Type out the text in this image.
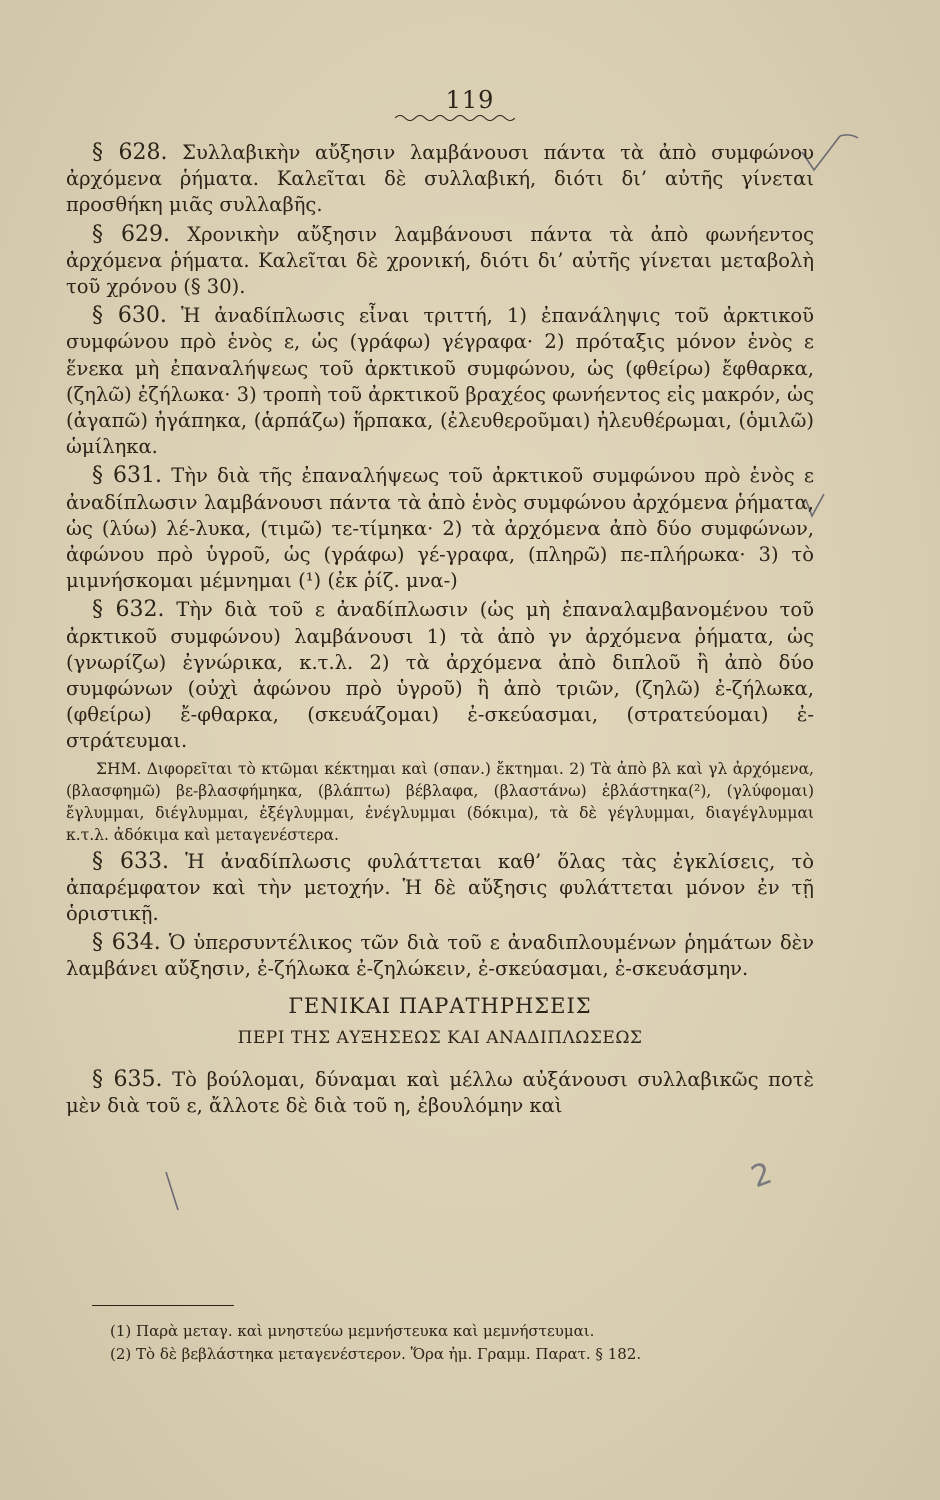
119
2

§ 628. Συλλαβικὴν αὔξησιν λαμβάνουσι πάντα τὰ ἀπὸ συμφώνου ἀρχόμενα ῥήματα. Καλεῖται δὲ συλλαβική, διότι δι’ αὐτῆς γίνεται προσθήκη μιᾶς συλλαβῆς.

§ 629. Χρονικὴν αὔξησιν λαμβάνουσι πάντα τὰ ἀπὸ φωνήεντος ἀρχόμενα ῥήματα. Καλεῖται δὲ χρονική, διότι δι’ αὐτῆς γίνεται μεταβολὴ τοῦ χρόνου (§ 30).

§ 630. Ἡ ἀναδίπλωσις εἶναι τριττή, 1) ἐπανάληψις τοῦ ἀρκτικοῦ συμφώνου πρὸ ἑνὸς ε, ὡς (γράφω) γέγραφα· 2) πρόταξις μόνον ἑνὸς ε ἕνεκα μὴ ἐπαναλήψεως τοῦ ἀρκτικοῦ συμφώνου, ὡς (φθείρω) ἔφθαρκα, (ζηλῶ) ἐζήλωκα· 3) τροπὴ τοῦ ἀρκτικοῦ βραχέος φωνήεντος εἰς μακρόν, ὡς (ἀγαπῶ) ἠγάπηκα, (ἁρπάζω) ἥρπακα, (ἐλευθεροῦμαι) ἠλευθέρωμαι, (ὁμιλῶ) ὡμίληκα.

§ 631. Τὴν διὰ τῆς ἐπαναλήψεως τοῦ ἀρκτικοῦ συμφώνου πρὸ ἑνὸς ε ἀναδίπλωσιν λαμβάνουσι πάντα τὰ ἀπὸ ἑνὸς συμφώνου ἀρχόμενα ῥήματα, ὡς (λύω) λέ-λυκα, (τιμῶ) τε-τίμηκα· 2) τὰ ἀρχόμενα ἀπὸ δύο συμφώνων, ἀφώνου πρὸ ὑγροῦ, ὡς (γράφω) γέ-γραφα, (πληρῶ) πε-πλήρωκα· 3) τὸ μιμνήσκομαι μέμνημαι (¹) (ἐκ ῥίζ. μνα-)

§ 632. Τὴν διὰ τοῦ ε ἀναδίπλωσιν (ὡς μὴ ἐπαναλαμβανομένου τοῦ ἀρκτικοῦ συμφώνου) λαμβάνουσι 1) τὰ ἀπὸ γν ἀρχόμενα ῥήματα, ὡς (γνωρίζω) ἐγνώρικα, κ.τ.λ. 2) τὰ ἀρχόμενα ἀπὸ διπλοῦ ἢ ἀπὸ δύο συμφώνων (οὐχὶ ἀφώνου πρὸ ὑγροῦ) ἢ ἀπὸ τριῶν, (ζηλῶ) ἐ-ζήλωκα, (φθείρω) ἔ-φθαρκα, (σκευάζομαι) ἐ-σκεύασμαι, (στρατεύομαι) ἐ-στράτευμαι.

ΣΗΜ. Διφορεῖται τὸ κτῶμαι κέκτημαι καὶ (σπαν.) ἔκτημαι. 2) Τὰ ἀπὸ βλ καὶ γλ ἀρχόμενα, (βλασφημῶ) βε-βλασφήμηκα, (βλάπτω) βέβλαφα, (βλαστάνω) ἐβλάστηκα(²), (γλύφομαι) ἔγλυμμαι, διέγλυμμαι, ἐξέγλυμμαι, ἐνέγλυμμαι (δόκιμα), τὰ δὲ γέγλυμμαι, διαγέγλυμμαι κ.τ.λ. ἀδόκιμα καὶ μεταγενέστερα.

§ 633. Ἡ ἀναδίπλωσις φυλάττεται καθ’ ὅλας τὰς ἐγκλίσεις, τὸ ἀπαρέμφατον καὶ τὴν μετοχήν. Ἡ δὲ αὔξησις φυλάττεται μόνον ἐν τῇ ὁριστικῇ.

§ 634. Ὁ ὑπερσυντέλικος τῶν διὰ τοῦ ε ἀναδιπλουμένων ῥημάτων δὲν λαμβάνει αὔξησιν, ἐ-ζήλωκα ἐ-ζηλώκειν, ἐ-σκεύασμαι, ἐ-σκευάσμην.

ΓΕΝΙΚΑΙ ΠΑΡΑΤΗΡΗΣΕΙΣ
ΠΕΡΙ ΤΗΣ ΑΥΞΗΣΕΩΣ ΚΑΙ ΑΝΑΔΙΠΛΩΣΕΩΣ

§ 635. Τὸ βούλομαι, δύναμαι καὶ μέλλω αὐξάνουσι συλλαβικῶς ποτὲ μὲν διὰ τοῦ ε, ἄλλοτε δὲ διὰ τοῦ η, ἐβουλόμην καὶ

(1) Παρὰ μεταγ. καὶ μνηστεύω μεμνήστευκα καὶ μεμνήστευμαι.
(2) Τὸ δὲ βεβλάστηκα μεταγενέστερον. Ὅρα ἠμ. Γραμμ. Παρατ. § 182.
